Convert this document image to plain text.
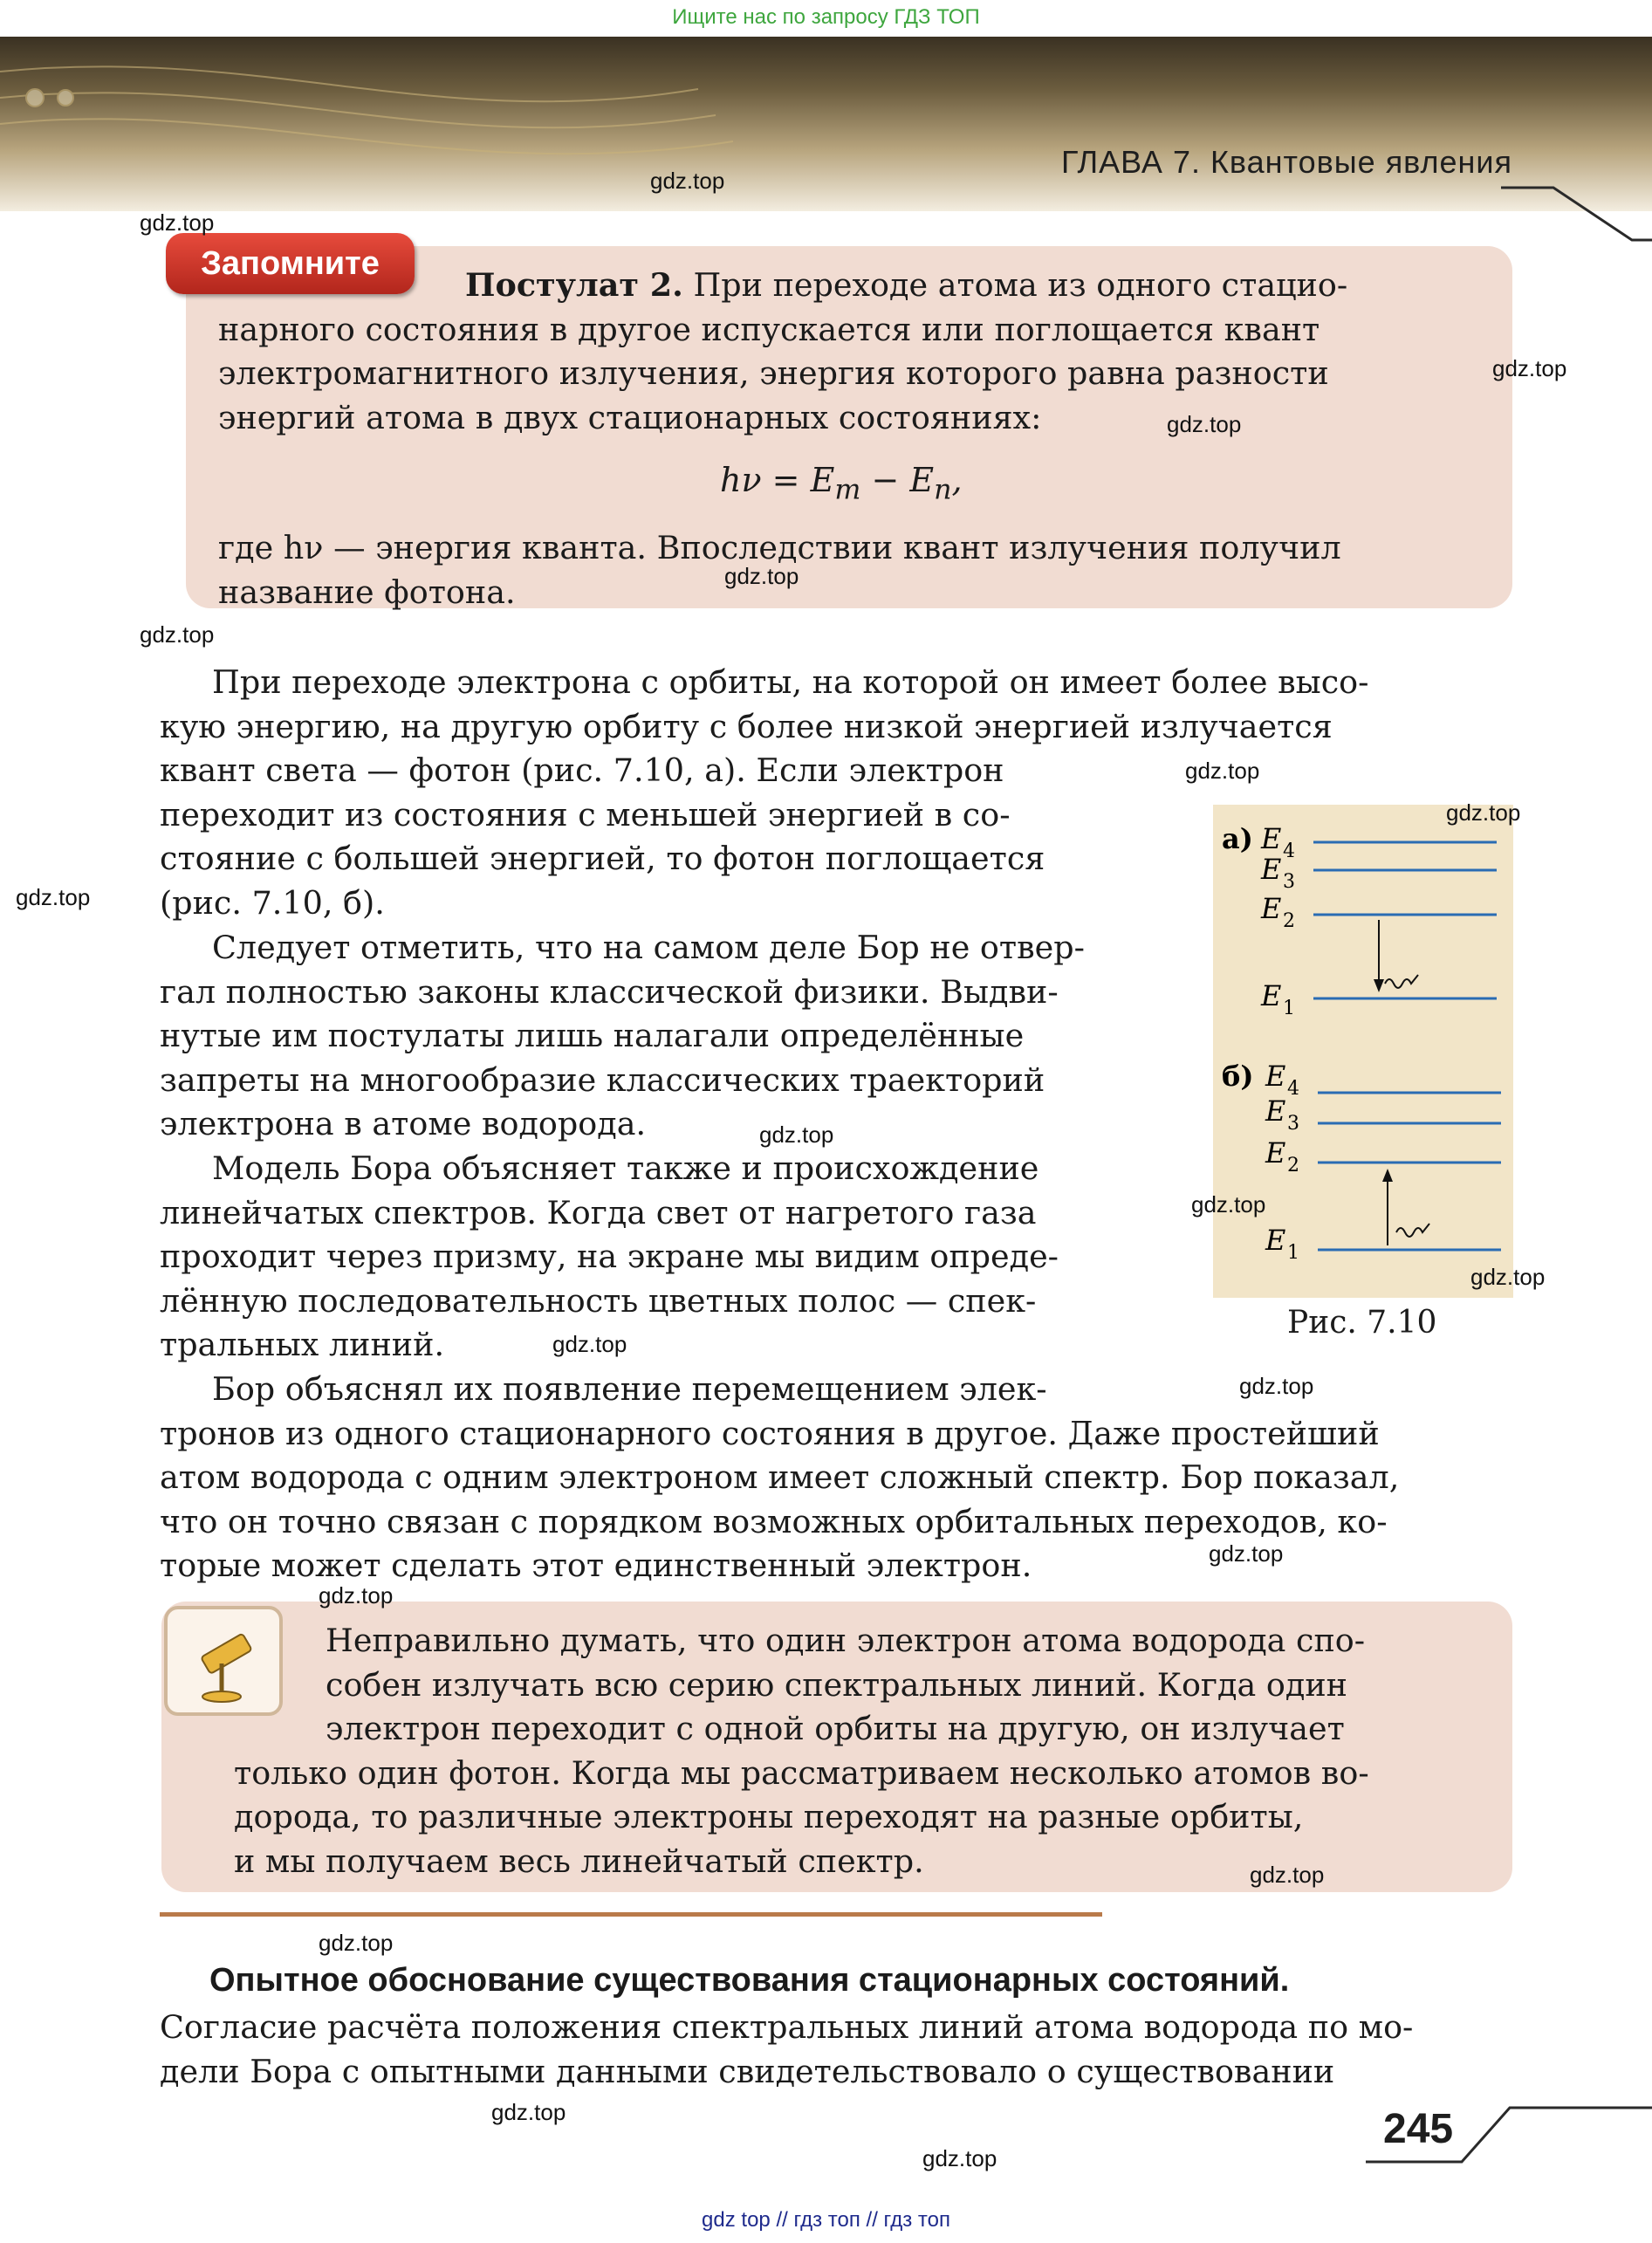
Ищите нас по запросу ГДЗ ТОП
ГЛАВА 7. Квантовые явления
Запомните
Постулат 2. При переходе атома из одного стацио-
нарного состояния в другое испускается или поглощается квант
электромагнитного излучения, энергия которого равна разности
энергий атома в двух стационарных состояниях:
$h\nu = E_m - E_n$,
где hν — энергия кванта. Впоследствии квант излучения получил
название фотона.
При переходе электрона с орбиты, на которой он имеет более высо-
кую энергию, на другую орбиту с более низкой энергией излучается
квант света — фотон (рис. 7.10, а). Если электрон
переходит из состояния с меньшей энергией в со-
стояние с большей энергией, то фотон поглощается
(рис. 7.10, б).
Следует отметить, что на самом деле Бор не отвер-
гал полностью законы классической физики. Выдви-
нутые им постулаты лишь налагали определённые
запреты на многообразие классических траекторий
электрона в атоме водорода.
Модель Бора объясняет также и происхождение
линейчатых спектров. Когда свет от нагретого газа
проходит через призму, на экране мы видим опреде-
лённую последовательность цветных полос — спек-
тральных линий.
а) E 4
E 3
E 2
E 1
б) E 4
E 3
E 2
E 1
Рис. 7.10
Бор объяснял их появление перемещением элек-
тронов из одного стационарного состояния в другое. Даже простейший
атом водорода с одним электроном имеет сложный спектр. Бор показал,
что он точно связан с порядком возможных орбитальных переходов, ко-
торые может сделать этот единственный электрон.
Неправильно думать, что один электрон атома водорода спо-
собен излучать всю серию спектральных линий. Когда один
электрон переходит с одной орбиты на другую, он излучает
только один фотон. Когда мы рассматриваем несколько атомов во-
дорода, то различные электроны переходят на разные орбиты,
и мы получаем весь линейчатый спектр.
Опытное обоснование существования стационарных состояний.
Согласие расчёта положения спектральных линий атома водорода по мо-
дели Бора с опытными данными свидетельствовало о существовании
245
gdz.top
gdz.top
gdz.top
gdz.top
gdz.top
gdz.top
gdz.top
gdz.top
gdz.top
gdz.top
gdz.top
gdz.top
gdz.top
gdz.top
gdz.top
gdz.top
gdz.top
gdz.top
gdz.top
gdz.top
gdz top // гдз топ // гдз топ
